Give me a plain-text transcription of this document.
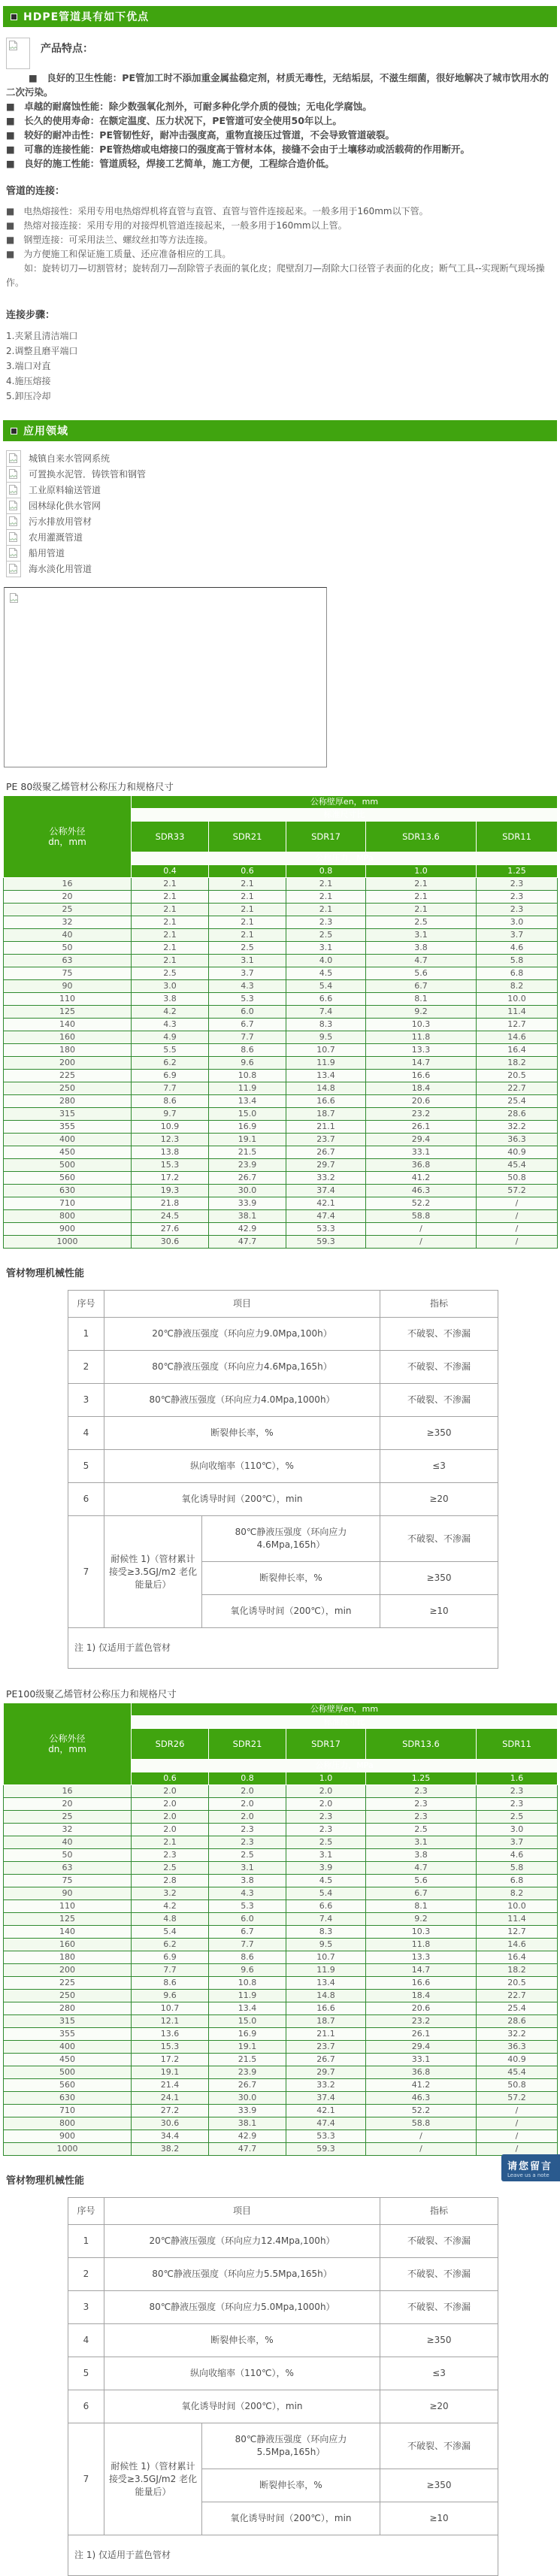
HDPE管道具有如下优点
产品特点：
■　良好的卫生性能：PE管加工时不添加重金属盐稳定剂，材质无毒性，无结垢层，不滋生细菌，很好地解决了城市饮用水的二次污染。
■　卓越的耐腐蚀性能：除少数强氧化剂外，可耐多种化学介质的侵蚀；无电化学腐蚀。
■　长久的使用寿命：在额定温度、压力状况下，PE管道可安全使用50年以上。
■　较好的耐冲击性：PE管韧性好，耐冲击强度高，重物直接压过管道，不会导致管道破裂。
■　可靠的连接性能：PE管热熔或电熔接口的强度高于管材本体，接缝不会由于土壤移动或活载荷的作用断开。
■　良好的施工性能：管道质轻，焊接工艺简单，施工方便，工程综合造价低。
管道的连接：
■　电热熔接性：采用专用电热熔焊机将直管与直管、直管与管件连接起来。一般多用于160mm以下管。
■　热熔对接连接：采用专用的对接焊机管道连接起来，一般多用于160mm以上管。
■　钢塑连接：可采用法兰、螺纹丝扣等方法连接。
■　为方便施工和保证施工质量、还应准备相应的工具。
　　如：旋转切刀—切割管材；旋转刮刀—刮除管子表面的氧化皮；爬壁刮刀—刮除大口径管子表面的化皮；断气工具--实现断气现场操作。
连接步骤：
1.夹紧且清洁端口
2.调整且磨平端口
3.端口对直
4.施压熔接
5.卸压冷却
应用领域
城镇自来水管网系统
可置换水泥管．铸铁管和钢管
工业原料输送管道
园林绿化供水管网
污水排放用管材
农用灌溉管道
船用管道
海水淡化用管道
PE 80级聚乙烯管材公称压力和规格尺寸
公称外径
dn，mm	公称壁厚en，mm				
	标准尺寸比				
	SDR33	SDR21	SDR17	SDR13.6	SDR11
	公称压力，MPa				
	0.4	0.6	0.8	1.0	1.25
16	2.1	2.1	2.1	2.1	2.3
20	2.1	2.1	2.1	2.1	2.3
25	2.1	2.1	2.1	2.1	2.3
32	2.1	2.1	2.3	2.5	3.0
40	2.1	2.1	2.5	3.1	3.7
50	2.1	2.5	3.1	3.8	4.6
63	2.1	3.1	4.0	4.7	5.8
75	2.5	3.7	4.5	5.6	6.8
90	3.0	4.3	5.4	6.7	8.2
110	3.8	5.3	6.6	8.1	10.0
125	4.2	6.0	7.4	9.2	11.4
140	4.3	6.7	8.3	10.3	12.7
160	4.9	7.7	9.5	11.8	14.6
180	5.5	8.6	10.7	13.3	16.4
200	6.2	9.6	11.9	14.7	18.2
225	6.9	10.8	13.4	16.6	20.5
250	7.7	11.9	14.8	18.4	22.7
280	8.6	13.4	16.6	20.6	25.4
315	9.7	15.0	18.7	23.2	28.6
355	10.9	16.9	21.1	26.1	32.2
400	12.3	19.1	23.7	29.4	36.3
450	13.8	21.5	26.7	33.1	40.9
500	15.3	23.9	29.7	36.8	45.4
560	17.2	26.7	33.2	41.2	50.8
630	19.3	30.0	37.4	46.3	57.2
710	21.8	33.9	42.1	52.2	/
800	24.5	38.1	47.4	58.8	/
900	27.6	42.9	53.3	/	/
1000	30.6	47.7	59.3	/	/
管材物理机械性能
序号	项目		指标
1	20℃静液压强度（环向应力9.0Mpa,100h）		不破裂、不渗漏
2	80℃静液压强度（环向应力4.6Mpa,165h）		不破裂、不渗漏
3	80℃静液压强度（环向应力4.0Mpa,1000h）		不破裂、不渗漏
4	断裂伸长率，%		≥350
5	纵向收缩率（110℃），%		≤3
6	氧化诱导时间（200℃），min		≥20
7	耐候性 1)（管材累计接受≥3.5GJ/m2 老化能量后）	80℃静液压强度（环向应力4.6Mpa,165h）	不破裂、不渗漏
		断裂伸长率，%	≥350
		氧化诱导时间（200℃），min	≥10
注 1) 仅适用于蓝色管材			
PE100级聚乙烯管材公称压力和规格尺寸
公称外径
dn，mm	公称壁厚en，mm				
	标准尺寸比				
	SDR26	SDR21	SDR17	SDR13.6	SDR11
	公称压力，MPa				
	0.6	0.8	1.0	1.25	1.6
16	2.0	2.0	2.0	2.3	2.3
20	2.0	2.0	2.0	2.3	2.3
25	2.0	2.0	2.3	2.3	2.5
32	2.0	2.3	2.3	2.5	3.0
40	2.1	2.3	2.5	3.1	3.7
50	2.3	2.5	3.1	3.8	4.6
63	2.5	3.1	3.9	4.7	5.8
75	2.8	3.8	4.5	5.6	6.8
90	3.2	4.3	5.4	6.7	8.2
110	4.2	5.3	6.6	8.1	10.0
125	4.8	6.0	7.4	9.2	11.4
140	5.4	6.7	8.3	10.3	12.7
160	6.2	7.7	9.5	11.8	14.6
180	6.9	8.6	10.7	13.3	16.4
200	7.7	9.6	11.9	14.7	18.2
225	8.6	10.8	13.4	16.6	20.5
250	9.6	11.9	14.8	18.4	22.7
280	10.7	13.4	16.6	20.6	25.4
315	12.1	15.0	18.7	23.2	28.6
355	13.6	16.9	21.1	26.1	32.2
400	15.3	19.1	23.7	29.4	36.3
450	17.2	21.5	26.7	33.1	40.9
500	19.1	23.9	29.7	36.8	45.4
560	21.4	26.7	33.2	41.2	50.8
630	24.1	30.0	37.4	46.3	57.2
710	27.2	33.9	42.1	52.2	/
800	30.6	38.1	47.4	58.8	/
900	34.4	42.9	53.3	/	/
1000	38.2	47.7	59.3	/	/
管材物理机械性能
序号	项目		指标
1	20℃静液压强度（环向应力12.4Mpa,100h）		不破裂、不渗漏
2	80℃静液压强度（环向应力5.5Mpa,165h）		不破裂、不渗漏
3	80℃静液压强度（环向应力5.0Mpa,1000h）		不破裂、不渗漏
4	断裂伸长率，%		≥350
5	纵向收缩率（110℃），%		≤3
6	氧化诱导时间（200℃），min		≥20
7	耐候性 1)（管材累计接受≥3.5GJ/m2 老化能量后）	80℃静液压强度（环向应力5.5Mpa,165h）	不破裂、不渗漏
		断裂伸长率，%	≥350
		氧化诱导时间（200℃），min	≥10
注 1) 仅适用于蓝色管材			
请您留言
Leave us a note
